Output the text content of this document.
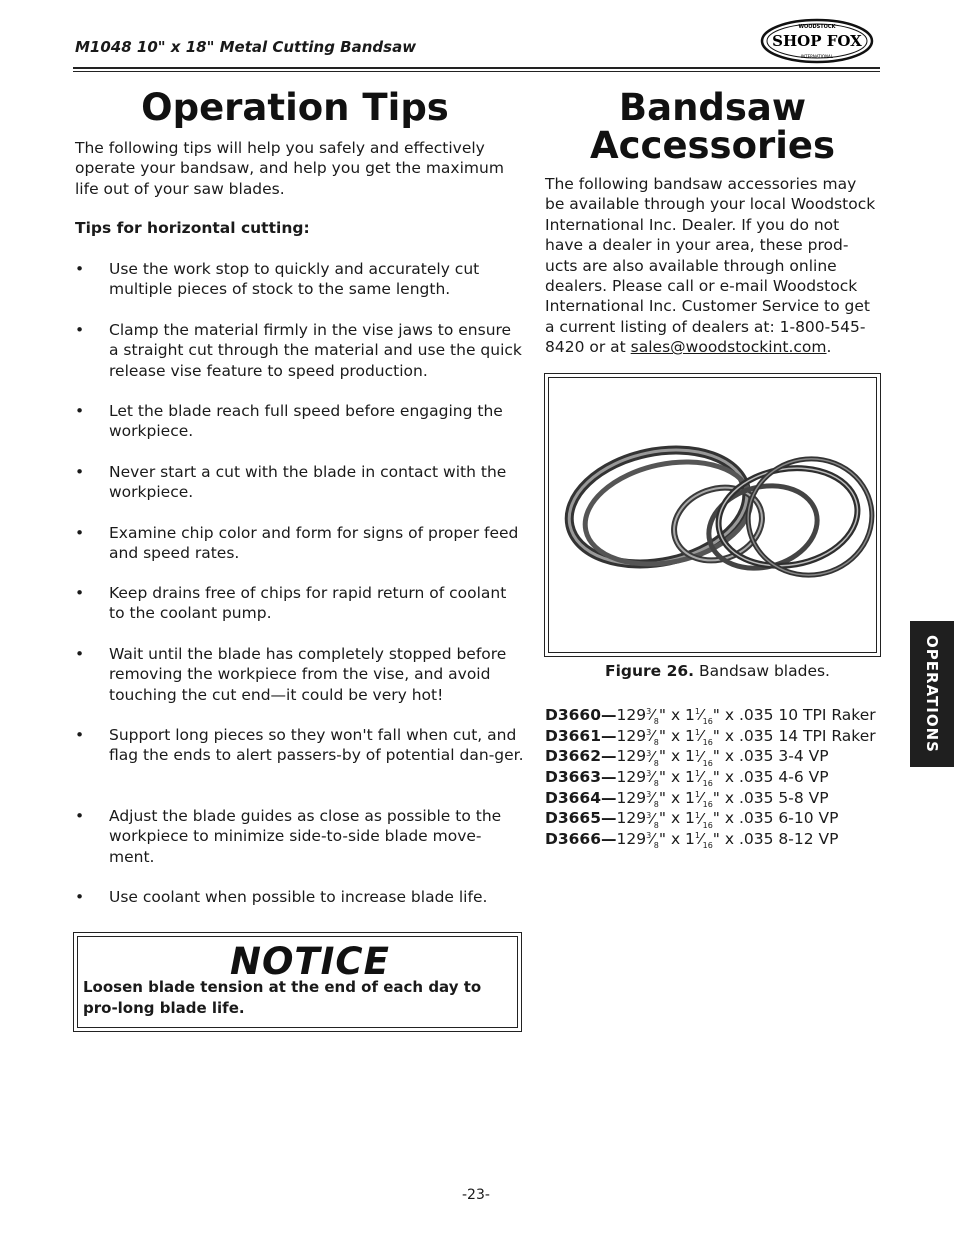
M1048 10" x 18" Metal Cutting Bandsaw
WOODSTOCK
SHOP FOX
INTERNATIONAL
Operation Tips
The following tips will help you safely and effectively operate your bandsaw, and help you get the maximum life out of your saw blades.
Tips for horizontal cutting:
• Use the work stop to quickly and accurately cut multiple pieces of stock to the same length.
• Clamp the material firmly in the vise jaws to ensure a straight cut through the material and use the quick release vise feature to speed production.
• Let the blade reach full speed before engaging the workpiece.
• Never start a cut with the blade in contact with the workpiece.
• Examine chip color and form for signs of proper feed and speed rates.
• Keep drains free of chips for rapid return of coolant to the coolant pump.
• Wait until the blade has completely stopped before removing the workpiece from the vise, and avoid touching the cut end—it could be very hot!
• Support long pieces so they won't fall when cut, and flag the ends to alert passers-by of potential dan-ger.
• Adjust the blade guides as close as possible to the workpiece to minimize side-to-side blade move-ment.
• Use coolant when possible to increase blade life.
NOTICE
Loosen blade tension at the end of each day to pro-long blade life.
Bandsaw
Accessories
The following bandsaw accessories may be available through your local Woodstock International Inc. Dealer. If you do not have a dealer in your area, these prod-ucts are also available through online dealers. Please call or e-mail Woodstock International Inc. Customer Service to get a current listing of dealers at: 1-800-545-8420 or at sales@woodstockint.com.
Figure 26. Bandsaw blades.
$D3660—129^3⁄_8$" x $1^1⁄_{16}$" x .035 10 TPI Raker
$D3661—129^3⁄_8$" x $1^1⁄_{16}$" x .035 14 TPI Raker
$D3662—129^3⁄_8$" x $1^1⁄_{16}$" x .035 3-4 VP
$D3663—129^3⁄_8$" x $1^1⁄_{16}$" x .035 4-6 VP
$D3664—129^3⁄_8$" x $1^1⁄_{16}$" x .035 5-8 VP
$D3665—129^3⁄_8$" x $1^1⁄_{16}$" x .035 6-10 VP
$D3666—129^3⁄_8$" x $1^1⁄_{16}$" x .035 8-12 VP
OPERATIONS
-23-
